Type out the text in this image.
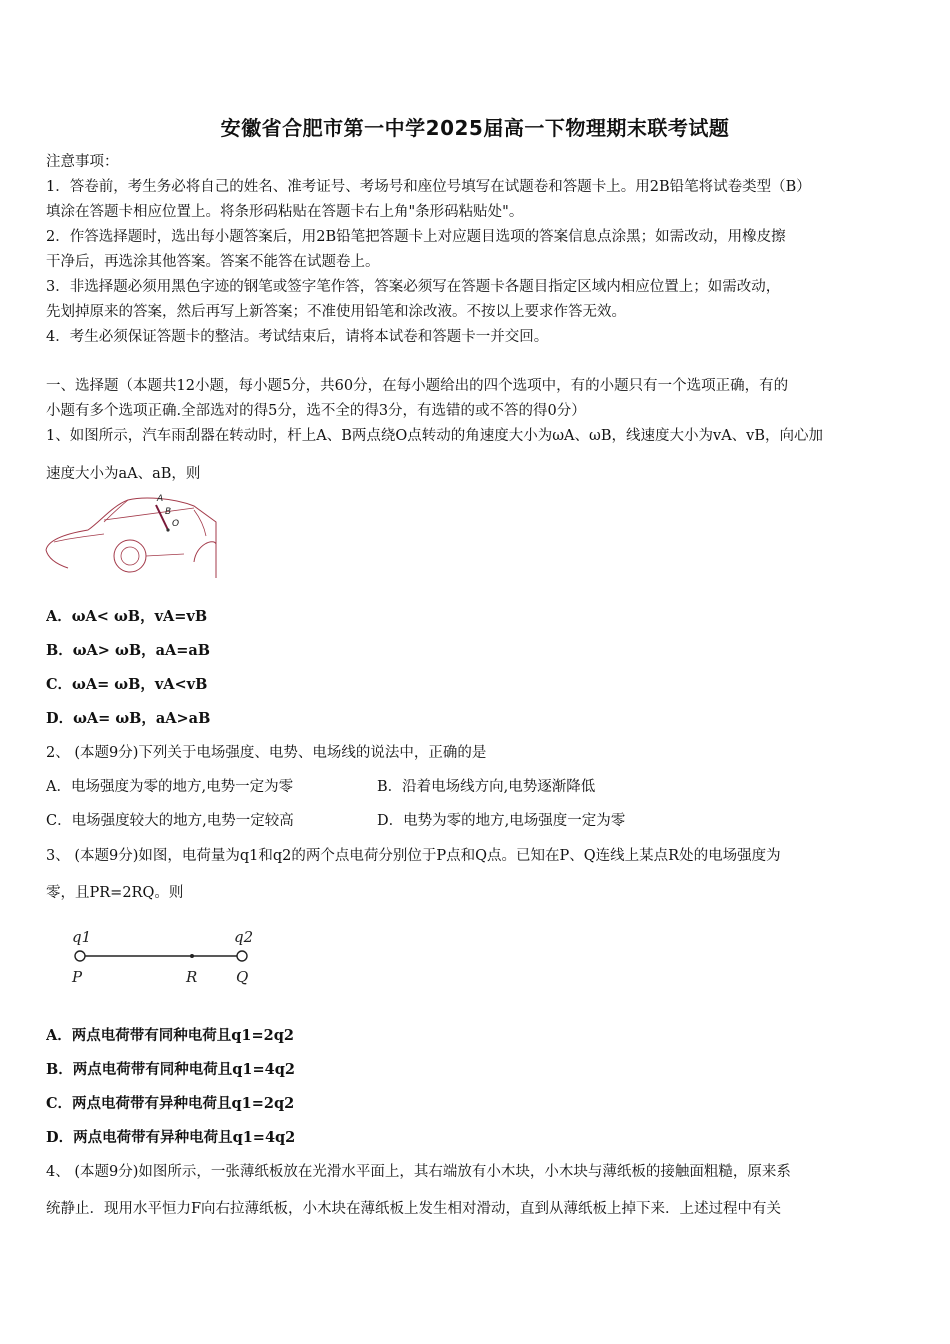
安徽省合肥市第一中学2025届高一下物理期末联考试题
注意事项：
1．答卷前，考生务必将自己的姓名、准考证号、考场号和座位号填写在试题卷和答题卡上。用2B铅笔将试卷类型（B）
填涂在答题卡相应位置上。将条形码粘贴在答题卡右上角"条形码粘贴处"。
2．作答选择题时，选出每小题答案后，用2B铅笔把答题卡上对应题目选项的答案信息点涂黑；如需改动，用橡皮擦
干净后，再选涂其他答案。答案不能答在试题卷上。
3．非选择题必须用黑色字迹的钢笔或签字笔作答，答案必须写在答题卡各题目指定区域内相应位置上；如需改动，
先划掉原来的答案，然后再写上新答案；不准使用铅笔和涂改液。不按以上要求作答无效。
4．考生必须保证答题卡的整洁。考试结束后，请将本试卷和答题卡一并交回。
一、选择题（本题共12小题，每小题5分，共60分，在每小题给出的四个选项中，有的小题只有一个选项正确，有的
小题有多个选项正确.全部选对的得5分，选不全的得3分，有选错的或不答的得0分）
1、如图所示，汽车雨刮器在转动时，杆上A、B两点绕O点转动的角速度大小为ωA、ωB，线速度大小为vA、vB，向心加
速度大小为aA、aB，则
A
B
O
A．ωA< ωB，vA=vB
B．ωA> ωB，aA=aB
C．ωA= ωB，vA<vB
D．ωA= ωB，aA>aB
2、 (本题9分)下列关于电场强度、电势、电场线的说法中，正确的是
A．电场强度为零的地方,电势一定为零	B．沿着电场线方向,电势逐渐降低
C．电场强度较大的地方,电势一定较高	D．电势为零的地方,电场强度一定为零
3、 (本题9分)如图，电荷量为q1和q2的两个点电荷分别位于P点和Q点。已知在P、Q连线上某点R处的电场强度为
零，且PR=2RQ。则
q1	q2
P	R	Q
A．两点电荷带有同种电荷且q1=2q2
B．两点电荷带有同种电荷且q1=4q2
C．两点电荷带有异种电荷且q1=2q2
D．两点电荷带有异种电荷且q1=4q2
4、 (本题9分)如图所示，一张薄纸板放在光滑水平面上，其右端放有小木块，小木块与薄纸板的接触面粗糙，原来系
统静止．现用水平恒力F向右拉薄纸板，小木块在薄纸板上发生相对滑动，直到从薄纸板上掉下来．上述过程中有关
